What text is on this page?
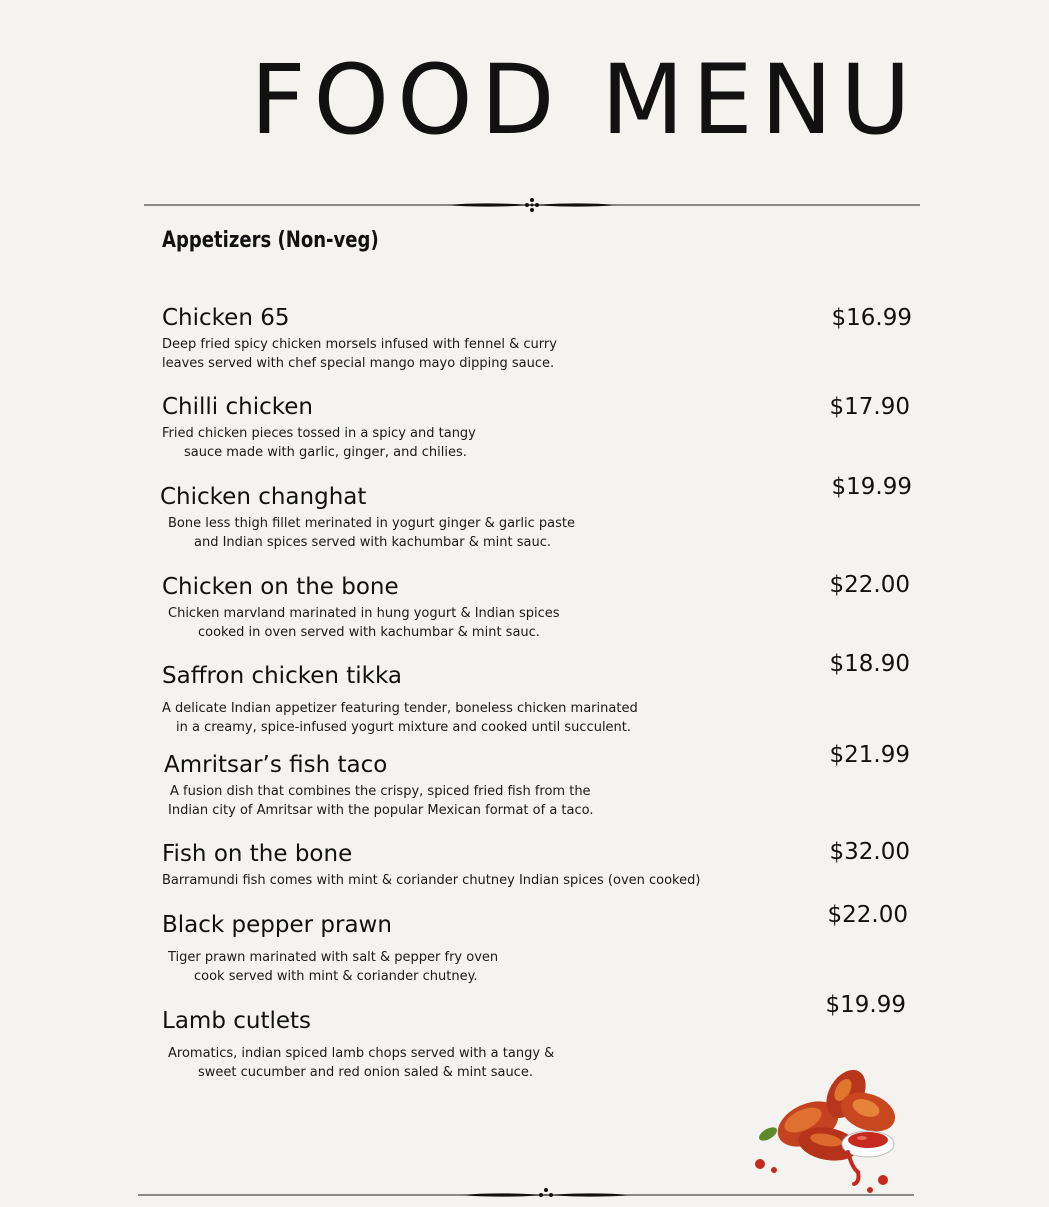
FOOD MENU
Appetizers (Non-veg)
Chicken 65	$16.99
Deep fried spicy chicken morsels infused with fennel & curry
leaves served with chef special mango mayo dipping sauce.
Chilli chicken	$17.90
Fried chicken pieces tossed in a spicy and tangy
sauce made with garlic, ginger, and chilies.
Chicken changhat	$19.99
Bone less thigh fillet merinated in yogurt ginger & garlic paste
and Indian spices served with kachumbar & mint sauc.
Chicken on the bone	$22.00
Chicken marvland marinated in hung yogurt & Indian spices
cooked in oven served with kachumbar & mint sauc.
Saffron chicken tikka	$18.90
A delicate Indian appetizer featuring tender, boneless chicken marinated
in a creamy, spice-infused yogurt mixture and cooked until succulent.
Amritsar’s fish taco	$21.99
A fusion dish that combines the crispy, spiced fried fish from the
Indian city of Amritsar with the popular Mexican format of a taco.
Fish on the bone	$32.00
Barramundi fish comes with mint & coriander chutney Indian spices (oven cooked)
Black pepper prawn	$22.00
Tiger prawn marinated with salt & pepper fry oven
cook served with mint & coriander chutney.
Lamb cutlets
$19.99
Aromatics, indian spiced lamb chops served with a tangy &
sweet cucumber and red onion saled & mint sauce.
